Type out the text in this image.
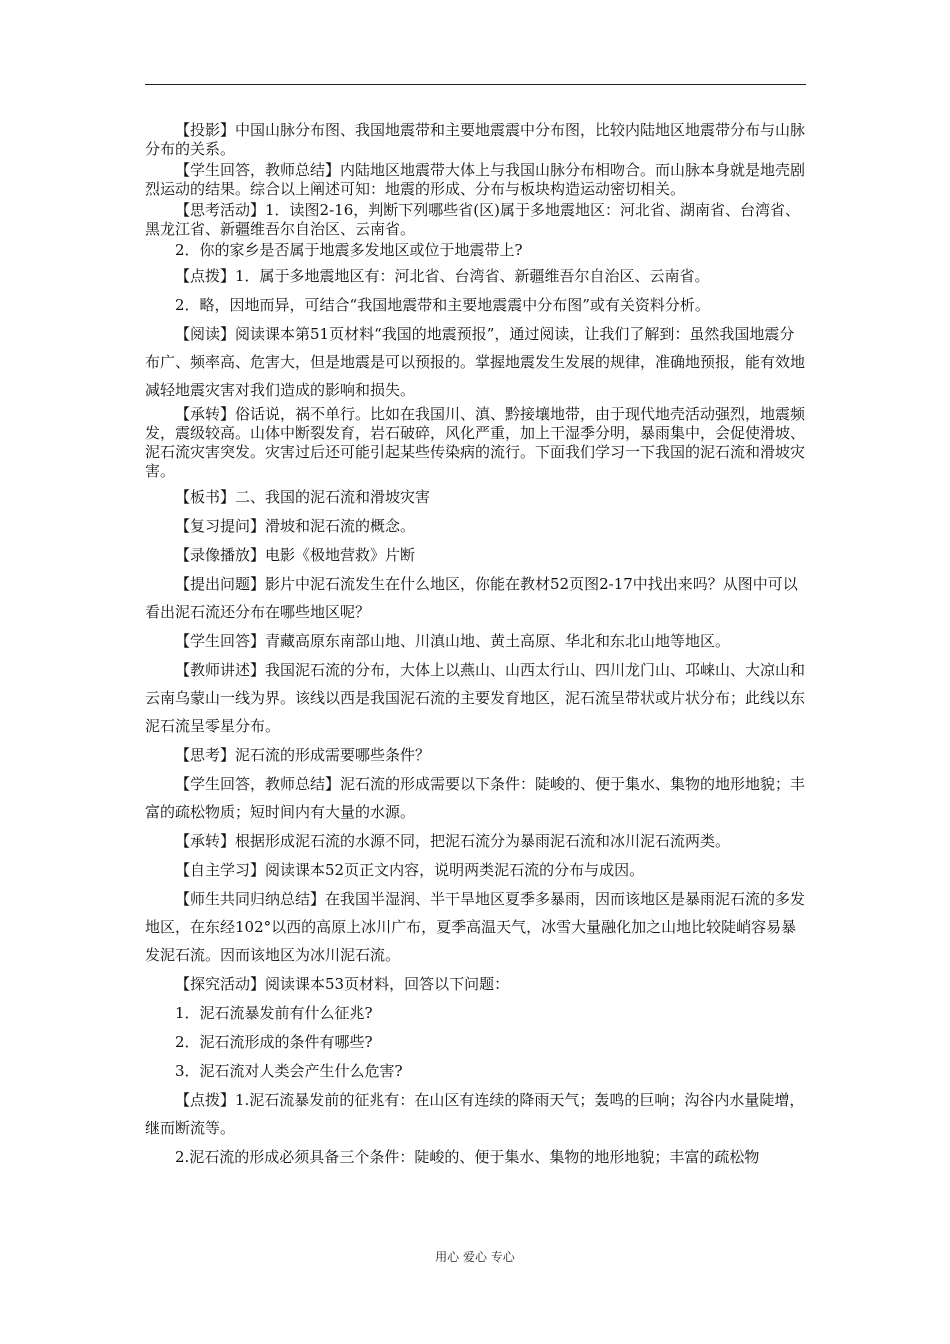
【投影】中国山脉分布图、我国地震带和主要地震震中分布图，比较内陆地区地震带分布与山脉分布的关系。

【学生回答，教师总结】内陆地区地震带大体上与我国山脉分布相吻合。而山脉本身就是地壳剧烈运动的结果。综合以上阐述可知：地震的形成、分布与板块构造运动密切相关。

【思考活动】1．读图2-16，判断下列哪些省(区)属于多地震地区：河北省、湖南省、台湾省、黑龙江省、新疆维吾尔自治区、云南省。

2．你的家乡是否属于地震多发地区或位于地震带上?

【点拨】1．属于多地震地区有：河北省、台湾省、新疆维吾尔自治区、云南省。

2．略，因地而异，可结合“我国地震带和主要地震震中分布图”或有关资料分析。

【阅读】阅读课本第51页材料“我国的地震预报”，通过阅读，让我们了解到：虽然我国地震分布广、频率高、危害大，但是地震是可以预报的。掌握地震发生发展的规律，准确地预报，能有效地减轻地震灾害对我们造成的影响和损失。

【承转】俗话说，祸不单行。比如在我国川、滇、黔接壤地带，由于现代地壳活动强烈，地震频发，震级较高。山体中断裂发育，岩石破碎，风化严重，加上干湿季分明，暴雨集中，会促使滑坡、泥石流灾害突发。灾害过后还可能引起某些传染病的流行。下面我们学习一下我国的泥石流和滑坡灾害。

【板书】二、我国的泥石流和滑坡灾害

【复习提问】滑坡和泥石流的概念。

【录像播放】电影《极地营救》片断

【提出问题】影片中泥石流发生在什么地区，你能在教材52页图2-17中找出来吗？从图中可以看出泥石流还分布在哪些地区呢？

【学生回答】青藏高原东南部山地、川滇山地、黄土高原、华北和东北山地等地区。

【教师讲述】我国泥石流的分布，大体上以燕山、山西太行山、四川龙门山、邛崃山、大凉山和云南乌蒙山一线为界。该线以西是我国泥石流的主要发育地区，泥石流呈带状或片状分布；此线以东泥石流呈零星分布。

【思考】泥石流的形成需要哪些条件？

【学生回答，教师总结】泥石流的形成需要以下条件：陡峻的、便于集水、集物的地形地貌；丰富的疏松物质；短时间内有大量的水源。

【承转】根据形成泥石流的水源不同，把泥石流分为暴雨泥石流和冰川泥石流两类。

【自主学习】阅读课本52页正文内容，说明两类泥石流的分布与成因。

【师生共同归纳总结】在我国半湿润、半干旱地区夏季多暴雨，因而该地区是暴雨泥石流的多发地区，在东经102°以西的高原上冰川广布，夏季高温天气，冰雪大量融化加之山地比较陡峭容易暴发泥石流。因而该地区为冰川泥石流。

【探究活动】阅读课本53页材料，回答以下问题：

1．泥石流暴发前有什么征兆?

2．泥石流形成的条件有哪些?

3．泥石流对人类会产生什么危害?

【点拨】1.泥石流暴发前的征兆有：在山区有连续的降雨天气；轰鸣的巨响；沟谷内水量陡增，继而断流等。

2.泥石流的形成必须具备三个条件：陡峻的、便于集水、集物的地形地貌；丰富的疏松物

用心 爱心 专心
